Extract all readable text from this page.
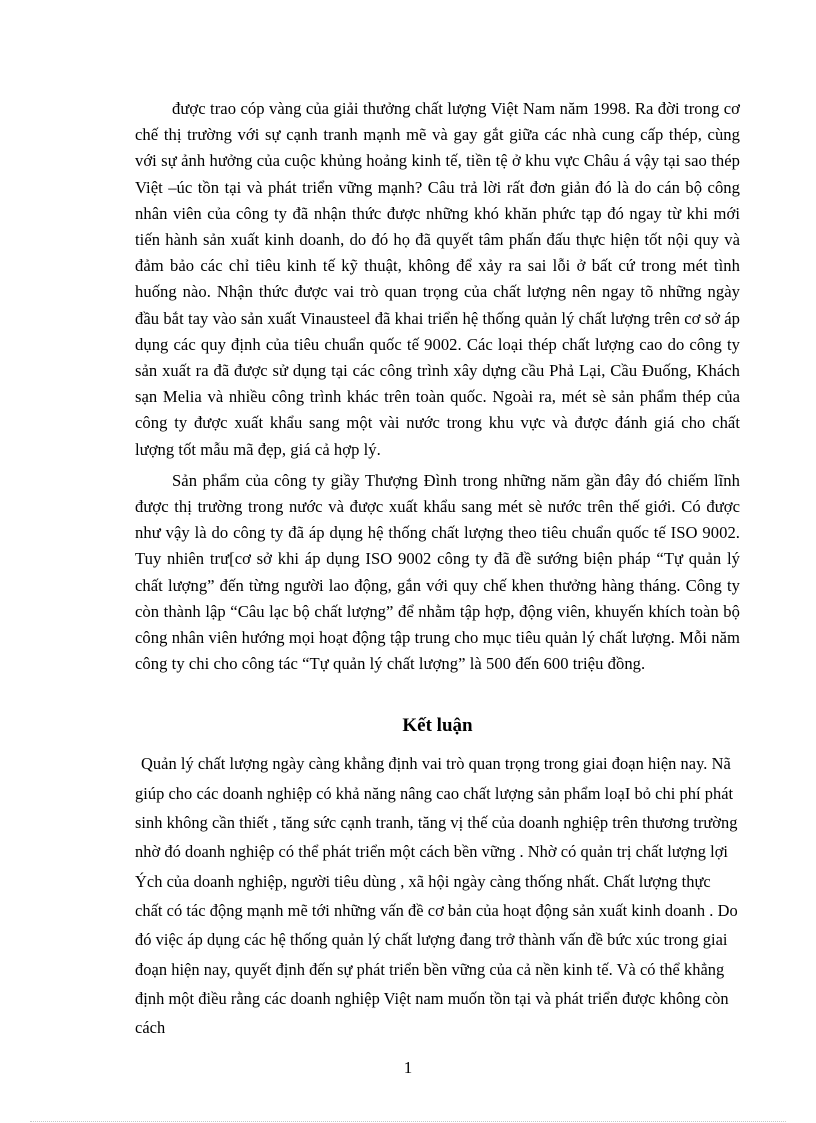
được trao cóp vàng của giải thưởng chất lượng Việt Nam năm 1998. Ra đời trong cơ chế thị trường với sự cạnh tranh mạnh mẽ và gay gắt giữa các nhà cung cấp thép, cùng với sự ảnh hưởng của cuộc khủng hoảng kinh tế, tiền tệ ở khu vực Châu á vậy tại sao thép Việt –úc tồn tại và phát triển vững mạnh? Câu trả lời rất đơn giản đó là do cán bộ công nhân viên của công ty đã nhận thức được những khó khăn phức tạp đó ngay từ khi mới tiến hành sản xuất kinh doanh, do đó họ đã quyết tâm phấn đấu thực hiện tốt nội quy và đảm bảo các chỉ tiêu kinh tế kỹ thuật, không để xảy ra sai lỗi ở bất cứ trong mét tình huống nào. Nhận thức được vai trò quan trọng của chất lượng nên ngay tõ những ngày đầu bắt tay vào sản xuất Vinausteel đã khai triển hệ thống quản lý chất lượng trên cơ sở áp dụng các quy định của tiêu chuẩn quốc tế 9002. Các loại thép chất lượng cao do công ty sản xuất ra đã được sử dụng tại các công trình xây dựng cầu Phả Lại, Cầu Đuống, Khách sạn Melia và nhiều công trình khác trên toàn quốc. Ngoài ra, mét sè sản phẩm thép của công ty được xuất khẩu sang một vài nước trong khu vực và được đánh giá cho chất lượng tốt mẫu mã đẹp, giá cả hợp lý.

Sản phẩm của công ty giầy Thượng Đình trong những năm gần đây đó chiếm lĩnh được thị trường trong nước và được xuất khẩu sang mét sè nước trên thế giới. Có được như vậy là do công ty đã áp dụng hệ thống chất lượng theo tiêu chuẩn quốc tế ISO 9002. Tuy nhiên trư[cơ sở khi áp dụng ISO 9002 công ty đã đề sướng biện pháp “Tự quản lý chất lượng” đến từng người lao động, gắn với quy chế khen thưởng hàng tháng. Công ty còn thành lập “Câu lạc bộ chất lượng” để nhằm tập hợp, động viên, khuyến khích toàn bộ công nhân viên hướng mọi hoạt động tập trung cho mục tiêu quản lý chất lượng. Mỗi năm công ty chi cho công tác “Tự quản lý chất lượng” là 500 đến 600 triệu đồng.

Kết luận

Quản lý chất lượng ngày càng khẳng định vai trò quan trọng trong giai đoạn hiện nay. Nã giúp cho các doanh nghiệp có khả năng nâng cao chất lượng sản phẩm loạI bỏ chi phí phát sinh không cần thiết , tăng sức cạnh tranh, tăng vị thế của doanh nghiệp trên thương trường nhờ đó doanh nghiệp có thể phát triển một cách bền vững . Nhờ có quản trị chất lượng lợi Ých của doanh nghiệp, người tiêu dùng , xã hội ngày càng thống nhất. Chất lượng thực chất có tác động mạnh mẽ tới những vấn đề cơ bản của hoạt động sản xuất kinh doanh . Do đó việc áp dụng các hệ thống quản lý chất lượng đang trở thành vấn đề bức xúc trong giai đoạn hiện nay, quyết định đến sự phát triển bền vững của cả nền kinh tế. Và có thể khẳng định một điều rằng các doanh nghiệp Việt nam muốn tồn tại và phát triển được không còn cách

1
